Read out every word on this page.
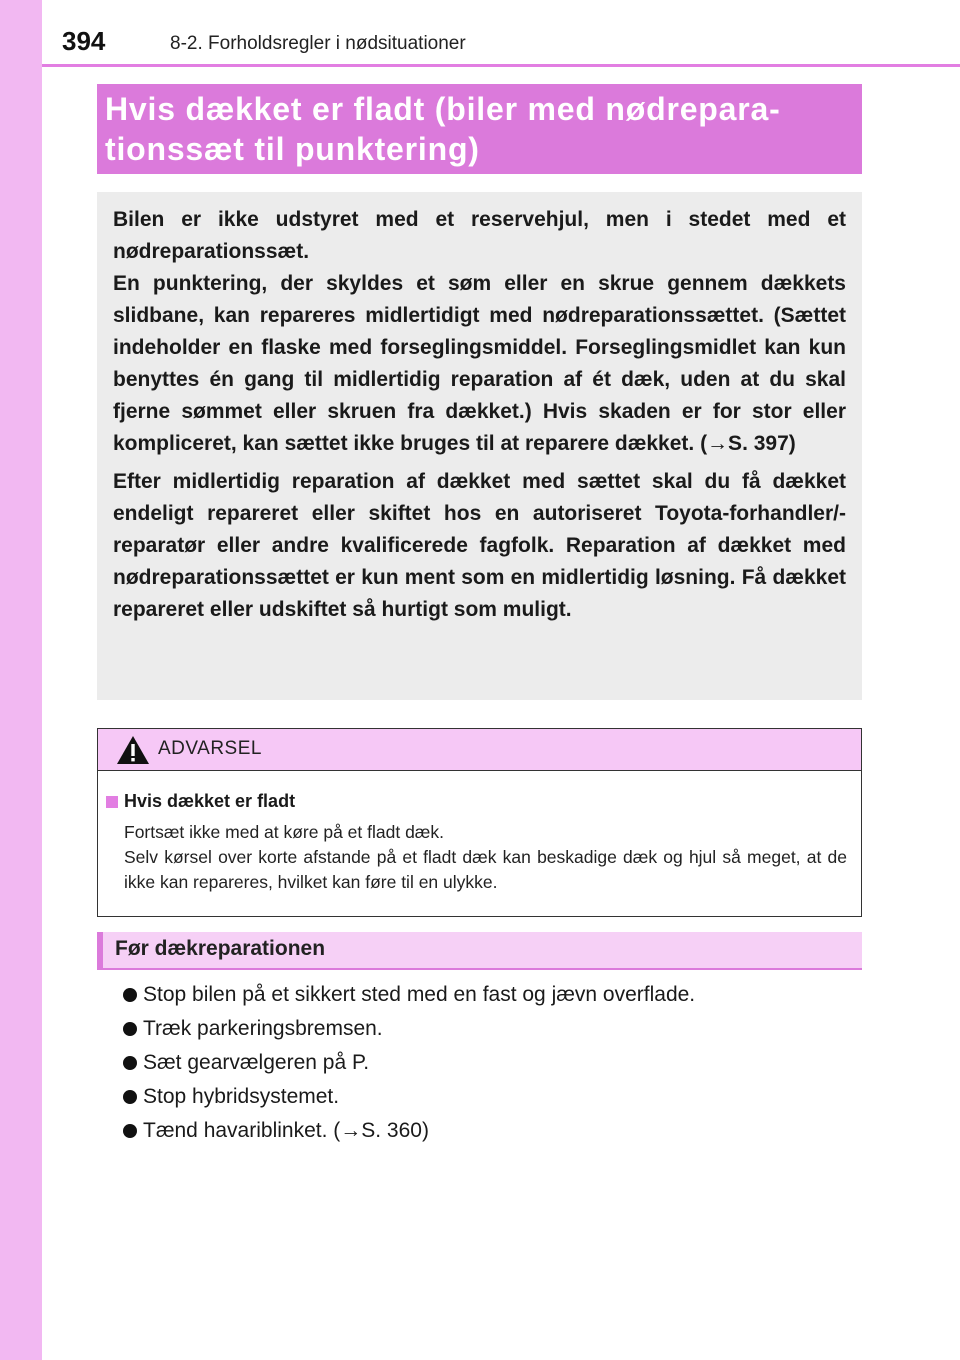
394	8-2. Forholdsregler i nødsituationer
Hvis dækket er fladt (biler med nødrepara-
tionssæt til punktering)

Bilen er ikke udstyret med et reservehjul, men i stedet med et nødreparationssæt.

En punktering, der skyldes et søm eller en skrue gennem dækkets slidbane, kan repareres midlertidigt med nødreparationssættet. (Sættet indeholder en flaske med forseglingsmiddel. Forseglingsmidlet kan kun benyttes én gang til midlertidig reparation af ét dæk, uden at du skal fjerne sømmet eller skruen fra dækket.) Hvis skaden er for stor eller kompliceret, kan sættet ikke bruges til at reparere dækket. (→S. 397)

Efter midlertidig reparation af dækket med sættet skal du få dækket endeligt repareret eller skiftet hos en autoriseret Toyota-forhandler/-reparatør eller andre kvalificerede fagfolk. Reparation af dækket med nødreparationssættet er kun ment som en midlertidig løsning. Få dækket repareret eller udskiftet så hurtigt som muligt.

ADVARSEL
Hvis dækket er fladt
Fortsæt ikke med at køre på et fladt dæk.
Selv kørsel over korte afstande på et fladt dæk kan beskadige dæk og hjul så meget, at de ikke kan repareres, hvilket kan føre til en ulykke.
Før dækreparationen
Stop bilen på et sikkert sted med en fast og jævn overflade.
Træk parkeringsbremsen.
Sæt gearvælgeren på P.
Stop hybridsystemet.
Tænd havariblinket. (→S. 360)
